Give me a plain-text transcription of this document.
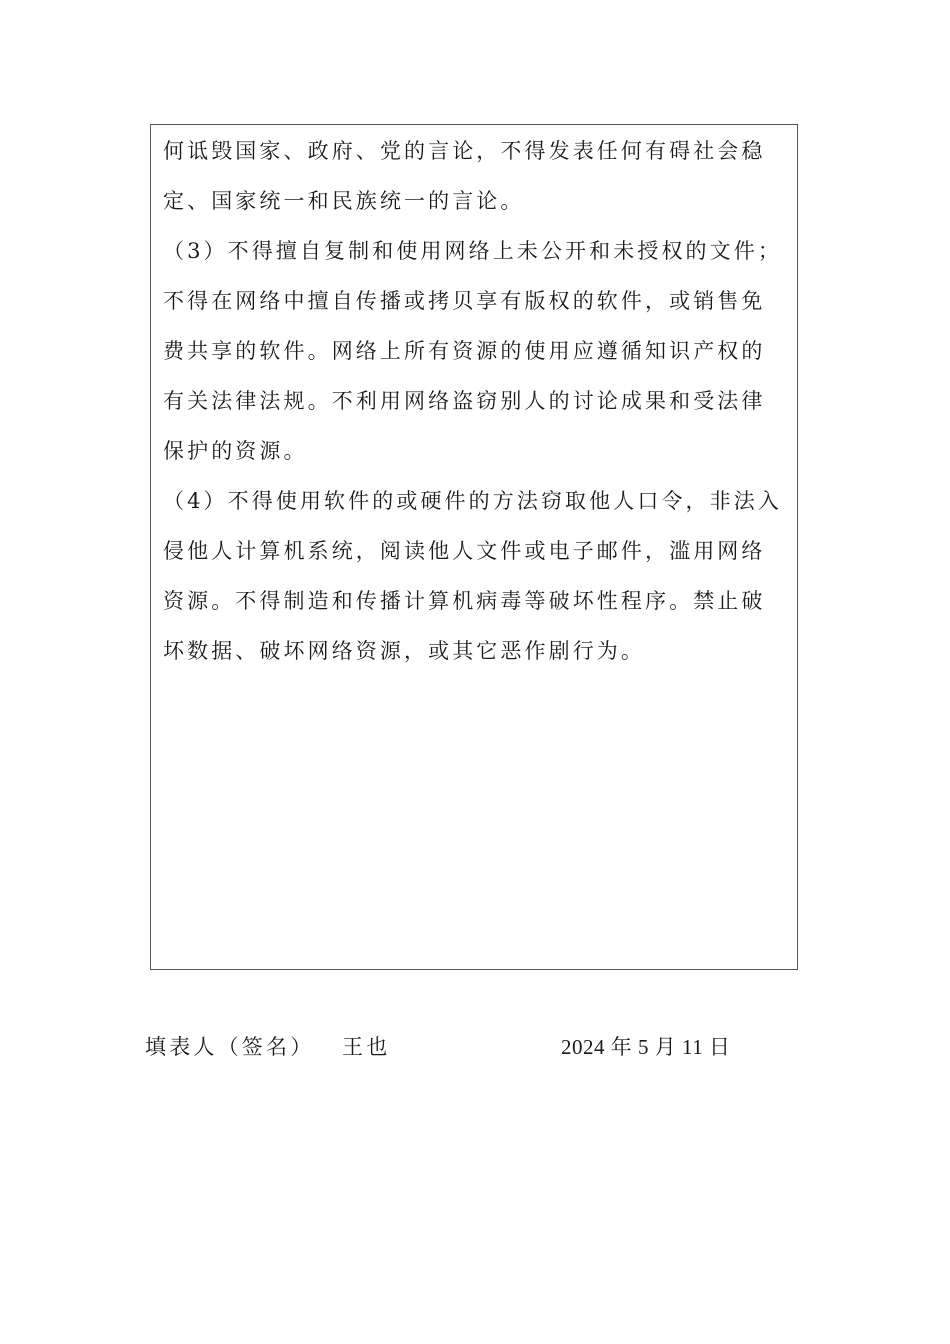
何诋毁国家、政府、党的言论，不得发表任何有碍社会稳
定、国家统一和民族统一的言论。
（3）不得擅自复制和使用网络上未公开和未授权的文件；
不得在网络中擅自传播或拷贝享有版权的软件，或销售免
费共享的软件。网络上所有资源的使用应遵循知识产权的
有关法律法规。不利用网络盗窃别人的讨论成果和受法律
保护的资源。
（4）不得使用软件的或硬件的方法窃取他人口令，非法入
侵他人计算机系统，阅读他人文件或电子邮件，滥用网络
资源。不得制造和传播计算机病毒等破坏性程序。禁止破
坏数据、破坏网络资源，或其它恶作剧行为。
填表人（签名） 王也	2024 年 5 月 11 日
